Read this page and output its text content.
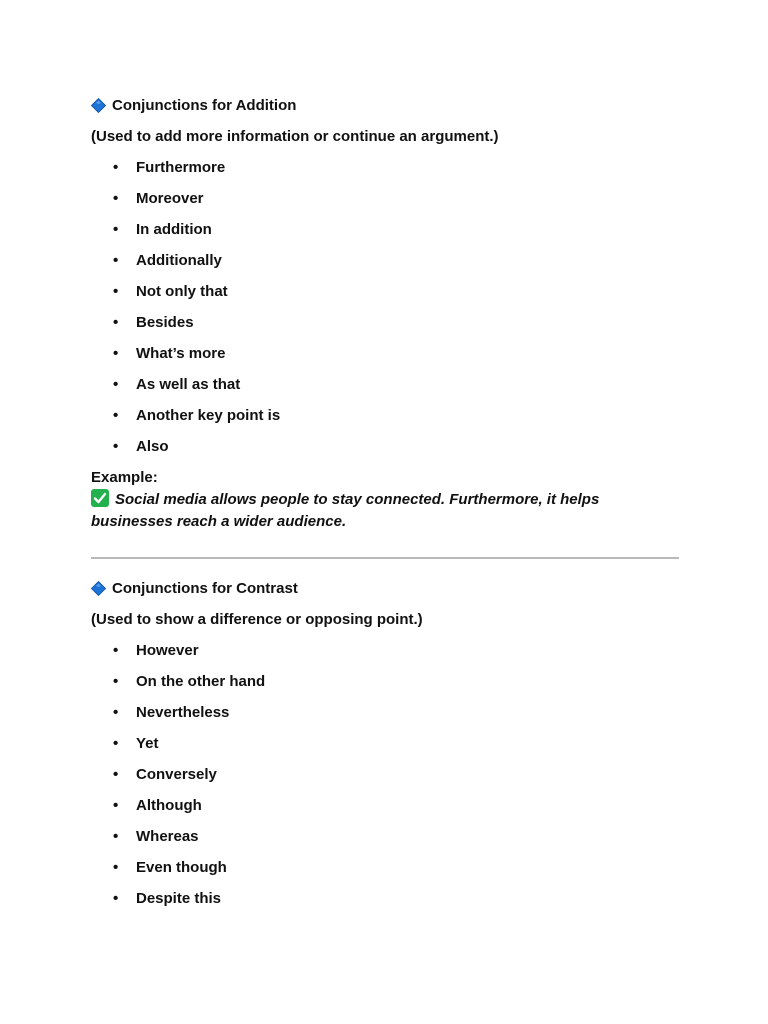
Conjunctions for Addition
(Used to add more information or continue an argument.)
• Furthermore
• Moreover
• In addition
• Additionally
• Not only that
• Besides
• What’s more
• As well as that
• Another key point is
• Also
Example:
Social media allows people to stay connected. Furthermore, it helps businesses reach a wider audience.
Conjunctions for Contrast
(Used to show a difference or opposing point.)
• However
• On the other hand
• Nevertheless
• Yet
• Conversely
• Although
• Whereas
• Even though
• Despite this
